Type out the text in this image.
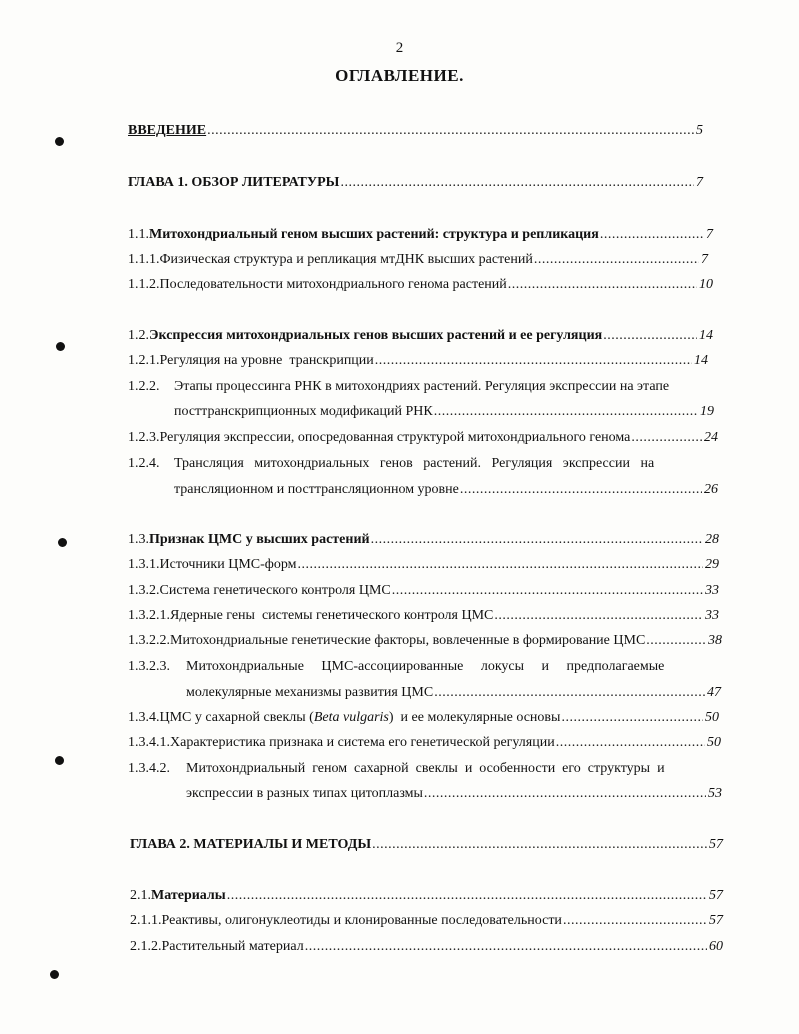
2
ОГЛАВЛЕНИЕ.
ВВЕДЕНИЕ .....	5
ГЛАВА 1. ОБЗОР ЛИТЕРАТУРЫ .....	7
1.1. Митохондриальный геном высших растений: структура и репликация .....	7
1.1.1. Физическая структура и репликация мтДНК высших растений .....	7
1.1.2. Последовательности митохондриального генома растений .....	10
1.2. Экспрессия митохондриальных генов высших растений и ее регуляция .....	14
1.2.1. Регуляция на уровне  транскрипции .....	14
1.2.2.	Этапы процессинга РНК в митохондриях растений. Регуляция экспрессии на этапе
посттранскрипционных модификаций РНК .....	19
1.2.3. Регуляция экспрессии, опосредованная структурой митохондриального генома .....	24
1.2.4.	Трансляция   митохондриальных   генов   растений.   Регуляция   экспрессии   на
трансляционном и посттрансляционном уровне .....	26
1.3. Признак ЦМС у высших растений .....	28
1.3.1. Источники ЦМС-форм .....	29
1.3.2. Система генетического контроля ЦМС .....	33
1.3.2.1. Ядерные гены  системы генетического контроля ЦМС .....	33
1.3.2.2. Митохондриальные генетические факторы, вовлеченные в формирование ЦМС .....	38
1.3.2.3.	Митохондриальные     ЦМС-ассоциированные     локусы     и     предполагаемые
молекулярные механизмы развития ЦМС .....	47
1.3.4. ЦМС у сахарной свеклы ( Beta vulgaris )  и ее молекулярные основы .....	50
1.3.4.1. Характеристика признака и система его генетической регуляции .....	50
1.3.4.2.	Митохондриальный  геном  сахарной  свеклы  и  особенности  его  структуры  и
экспрессии в разных типах цитоплазмы .....	53
ГЛАВА 2. МАТЕРИАЛЫ И МЕТОДЫ .....	57
2.1. Материалы .....	57
2.1.1. Реактивы, олигонуклеотиды и клонированные последовательности .....	57
2.1.2. Растительный материал .....	60
